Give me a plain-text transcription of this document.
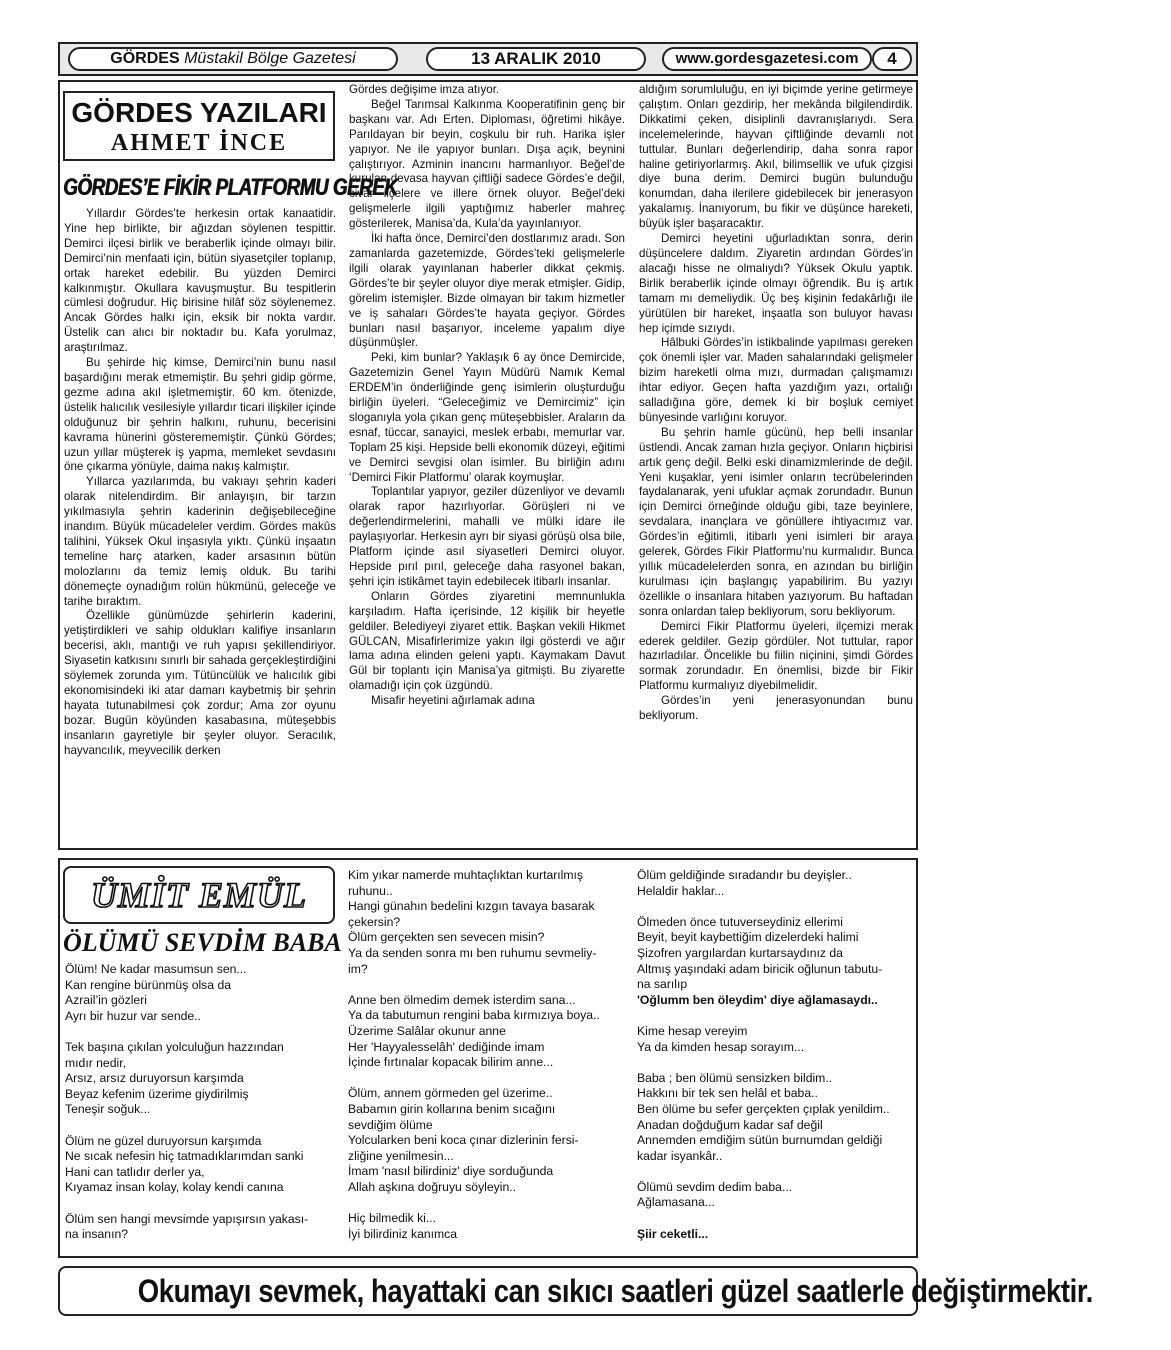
GÖRDES Müstakil Bölge Gazetesi	13 ARALIK 2010	www.gordesgazetesi.com	4
GÖRDES YAZILARI
AHMET İNCE
GÖRDES’E FİKİR PLATFORMU GEREK

Yıllardır Gördes’te herkesin ortak kanaatidir. Yine hep birlikte, bir ağızdan söylenen tespittir. Demirci ilçesi birlik ve beraberlik içinde olmayı bilir. Demirci’nin menfaati için, bütün siyasetçiler toplanıp, ortak hareket edebilir. Bu yüzden Demirci kalkınmıştır. Okullara kavuşmuştur. Bu tespitlerin cümlesi doğrudur. Hiç birisine hilâf söz söylenemez. Ancak Gördes halkı için, eksik bir nokta vardır. Üstelik can alıcı bir noktadır bu. Kafa yorulmaz, araştırılmaz.

Bu şehirde hiç kimse, Demirci’nin bunu nasıl başardığını merak etmemiştir. Bu şehri gidip görme, gezme adına akıl işletmemiştir. 60 km. ötenizde, üstelik halıcılık vesilesiyle yıllardır ticari ilişkiler içinde olduğunuz bir şehrin halkını, ruhunu, becerisini kavrama hünerini gösterememiştir. Çünkü Gördes; uzun yıllar müşterek iş yapma, memleket sevdasını öne çıkarma yönüyle, daima nakış kalmıştır.

Yıllarca yazılarımda, bu vakıayı şehrin kaderi olarak nitelendirdim. Bir anlayışın, bir tarzın yıkılmasıyla şehrin kaderinin değişebileceğine inandım. Büyük mücadeleler verdim. Gördes makûs talihini, Yüksek Okul inşasıyla yıktı. Çünkü inşaatın temeline harç atarken, kader arsasının bütün molozlarını da temiz lemiş olduk. Bu tarihi dönemeçte oynadığım rolün hükmünü, geleceğe ve tarihe bıraktım.

Özellikle günümüzde şehirlerin kaderini, yetiştirdikleri ve sahip oldukları kalifiye insanların becerisi, aklı, mantığı ve ruh yapısı şekillendiriyor. Siyasetin katkısını sınırlı bir sahada gerçekleştirdiğini söylemek zorunda yım. Tütüncülük ve halıcılık gibi ekonomisindeki iki atar damarı kaybetmiş bir şehrin hayata tutunabilmesi çok zordur; Ama zor oyunu bozar. Bugün köyünden kasabasına, müteşebbis insanların gayretiyle bir şeyler oluyor. Seracılık, hayvancılık, meyvecilik derken

Gördes değişime imza atıyor.

Beğel Tarımsal Kalkınma Kooperatifinin genç bir başkanı var. Adı Erten. Diploması, öğretimi hikâye. Parıldayan bir beyin, coşkulu bir ruh. Harika işler yapıyor. Ne ile yapıyor bunları. Dışa açık, beynini çalıştırıyor. Azminin inancını harmanlıyor. Beğel’de kurulan devasa hayvan çiftliği sadece Gördes’e değil, civar ilçelere ve illere örnek oluyor. Beğel’deki gelişmelerle ilgili yaptığımız haberler mahreç gösterilerek, Manisa’da, Kula’da yayınlanıyor.

İki hafta önce, Demirci’den dostlarımız aradı. Son zamanlarda gazetemizde, Gördes’teki gelişmelerle ilgili olarak yayınlanan haberler dikkat çekmiş. Gördes’te bir şeyler oluyor diye merak etmişler. Gidip, görelim istemişler. Bizde olmayan bir takım hizmetler ve iş sahaları Gördes’te hayata geçiyor. Gördes bunları nasıl başarıyor, inceleme yapalım diye düşünmüşler.

Peki, kim bunlar? Yaklaşık 6 ay önce Demircide, Gazetemizin Genel Yayın Müdürü Namık Kemal ERDEM’in önderliğinde genç isimlerin oluşturduğu birliğin üyeleri. “Geleceğimiz ve Demircimiz” için sloganıyla yola çıkan genç müteşebbisler. Araların da esnaf, tüccar, sanayici, meslek erbabı, memurlar var. Toplam 25 kişi. Hepside belli ekonomik düzeyi, eğitimi ve Demirci sevgisi olan isimler. Bu birliğin adını ‘Demirci Fikir Platformu’ olarak koymuşlar.

Toplantılar yapıyor, geziler düzenliyor ve devamlı olarak rapor hazırlıyorlar. Görüşleri ni ve değerlendirmelerini, mahalli ve mülki idare ile paylaşıyorlar. Herkesin ayrı bir siyasi görüşü olsa bile, Platform içinde asıl siyasetleri Demirci oluyor. Hepside pırıl pırıl, geleceğe daha rasyonel bakan, şehri için istikâmet tayin edebilecek itibarlı insanlar.

Onların Gördes ziyaretini memnunlukla karşıladım. Hafta içerisinde, 12 kişilik bir heyetle geldiler. Belediyeyi ziyaret ettik. Başkan vekili Hikmet GÜLCAN, Misafirlerimize yakın ilgi gösterdi ve ağır lama adına elinden geleni yaptı. Kaymakam Davut Gül bir toplantı için Manisa’ya gitmişti. Bu ziyarette olamadığı için çok üzgündü.

Misafir heyetini ağırlamak adına

aldığım sorumluluğu, en iyi biçimde yerine getirmeye çalıştım. Onları gezdirip, her mekânda bilgilendirdik. Dikkatimi çeken, disiplinli davranışlarıydı. Sera incelemelerinde, hayvan çiftliğinde devamlı not tuttular. Bunları değerlendirip, daha sonra rapor haline getiriyorlarmış. Akıl, bilimsellik ve ufuk çizgisi diye buna derim. Demirci bugün bulunduğu konumdan, daha ilerilere gidebilecek bir jenerasyon yakalamış. İnanıyorum, bu fikir ve düşünce hareketi, büyük işler başaracaktır.

Demirci heyetini uğurladıktan sonra, derin düşüncelere daldım. Ziyaretin ardından Gördes’in alacağı hisse ne olmalıydı? Yüksek Okulu yaptık. Birlik beraberlik içinde olmayı öğrendik. Bu iş artık tamam mı demeliydik. Üç beş kişinin fedakârlığı ile yürütülen bir hareket, inşaatla son buluyor havası hep içimde sızıydı.

Hâlbuki Gördes’in istikbalinde yapılması gereken çok önemli işler var. Maden sahalarındaki gelişmeler bizim hareketli olma mızı, durmadan çalışmamızı ihtar ediyor. Geçen hafta yazdığım yazı, ortalığı salladığına göre, demek ki bir boşluk cemiyet bünyesinde varlığını koruyor.

Bu şehrin hamle gücünü, hep belli insanlar üstlendi. Ancak zaman hızla geçiyor. Onların hiçbirisi artık genç değil. Belki eski dinamizmlerinde de değil. Yeni kuşaklar, yeni isimler onların tecrübelerinden faydalanarak, yeni ufuklar açmak zorundadır. Bunun için Demirci örneğinde olduğu gibi, taze beyinlere, sevdalara, inançlara ve gönüllere ihtiyacımız var. Gördes’in eğitimli, itibarlı yeni isimleri bir araya gelerek, Gördes Fikir Platformu’nu kurmalıdır. Bunca yıllık mücadelelerden sonra, en azından bu birliğin kurulması için başlangıç yapabilirim. Bu yazıyı özellikle o insanlara hitaben yazıyorum. Bu haftadan sonra onlardan talep bekliyorum, soru bekliyorum.

Demirci Fikir Platformu üyeleri, ilçemizi merak ederek geldiler. Gezip gördüler. Not tuttular, rapor hazırladılar. Öncelikle bu fiilin niçinini, şimdi Gördes sormak zorundadır. En önemlisi, bizde bir Fikir Platformu kurmalıyız diyebilmelidir.

Gördes’in yeni jenerasyonundan bunu bekliyorum.

ÜMİT EMÜL
ÖLÜMÜ SEVDİM BABA
Ölüm! Ne kadar masumsun sen...
Kan rengine bürünmüş olsa da
Azrail’in gözleri
Ayrı bir huzur var sende..
Tek başına çıkılan yolculuğun hazzından
mıdır nedir,
Arsız, arsız duruyorsun karşımda
Beyaz kefenim üzerime giydirilmiş
Teneşir soğuk...
Ölüm ne güzel duruyorsun karşımda
Ne sıcak nefesin hiç tatmadıklarımdan sanki
Hani can tatlıdır derler ya,
Kıyamaz insan kolay, kolay kendi canına
Ölüm sen hangi mevsimde yapışırsın yakası-
na insanın?
Kim yıkar namerde muhtaçlıktan kurtarılmış
ruhunu..
Hangi günahın bedelini kızgın tavaya basarak
çekersin?
Ölüm gerçekten sen sevecen misin?
Ya da senden sonra mı ben ruhumu sevmeliy-
im?
Anne ben ölmedim demek isterdim sana...
Ya da tabutumun rengini baba kırmızıya boya..
Üzerime Salâlar okunur anne
Her 'Hayyalesselâh' dediğinde imam
İçinde fırtınalar kopacak bilirim anne...
Ölüm, annem görmeden gel üzerime..
Babamın girin kollarına benim sıcağını
sevdiğim ölüme
Yolcularken beni koca çınar dizlerinin fersi-
zliğine yenilmesin...
İmam 'nasıl bilirdiniz' diye sorduğunda
Allah aşkına doğruyu söyleyin..
Hiç bilmedik ki...
İyi bilirdiniz kanımca
Ölüm geldiğinde sıradandır bu deyişler..
Helaldir haklar...
Ölmeden önce tutuverseydiniz ellerimi
Beyit, beyit kaybettiğim dizelerdeki halimi
Şizofren yargılardan kurtarsaydınız da
Altmış yaşındaki adam biricik oğlunun tabutu-
na sarılıp
'Oğlumm ben öleydim' diye ağlamasaydı..
Kime hesap vereyim
Ya da kimden hesap sorayım...
Baba ; ben ölümü sensizken bildim..
Hakkını bir tek sen helâl et baba..
Ben ölüme bu sefer gerçekten çıplak yenildim..
Anadan doğduğum kadar saf değil
Annemden emdiğim sütün burnumdan geldiği
kadar isyankâr..
Ölümü sevdim dedim baba...
Ağlamasana...
Şiir ceketli...
Okumayı sevmek, hayattaki can sıkıcı saatleri güzel saatlerle değiştirmektir.
